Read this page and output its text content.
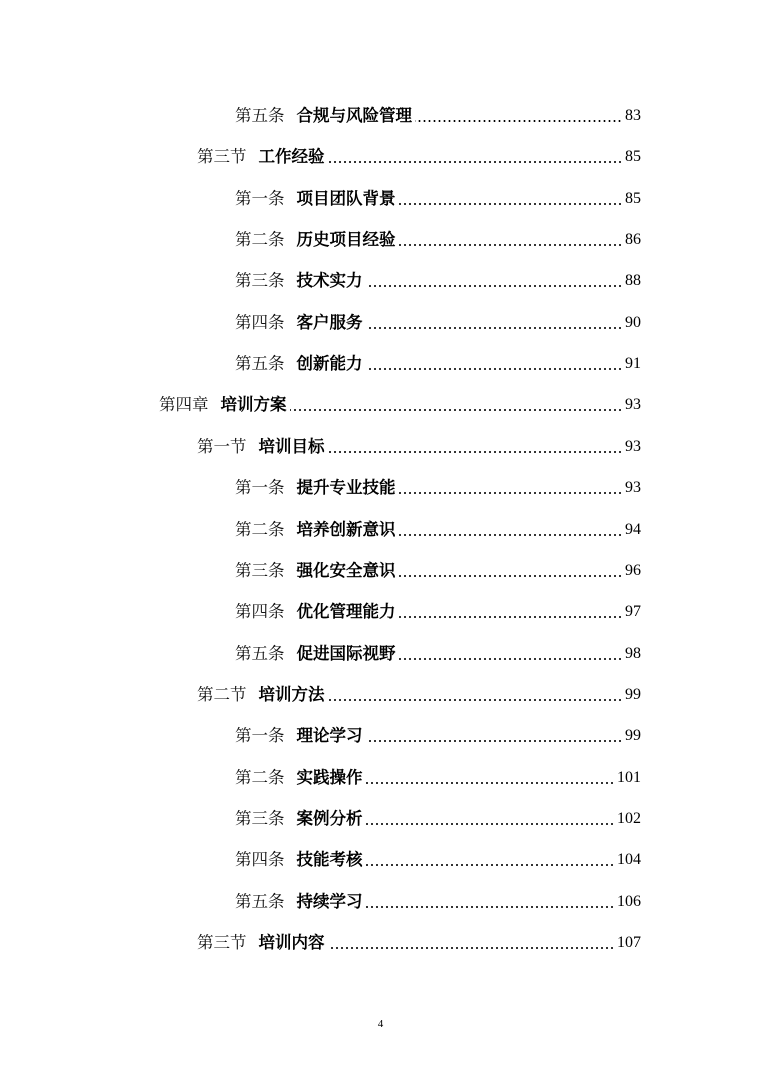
第五条 合规与风险管理	83
第三节 工作经验	85
第一条 项目团队背景	85
第二条 历史项目经验	86
第三条 技术实力	88
第四条 客户服务	90
第五条 创新能力	91
第四章 培训方案	93
第一节 培训目标	93
第一条 提升专业技能	93
第二条 培养创新意识	94
第三条 强化安全意识	96
第四条 优化管理能力	97
第五条 促进国际视野	98
第二节 培训方法	99
第一条 理论学习	99
第二条 实践操作	101
第三条 案例分析	102
第四条 技能考核	104
第五条 持续学习	106
第三节 培训内容	107
4
